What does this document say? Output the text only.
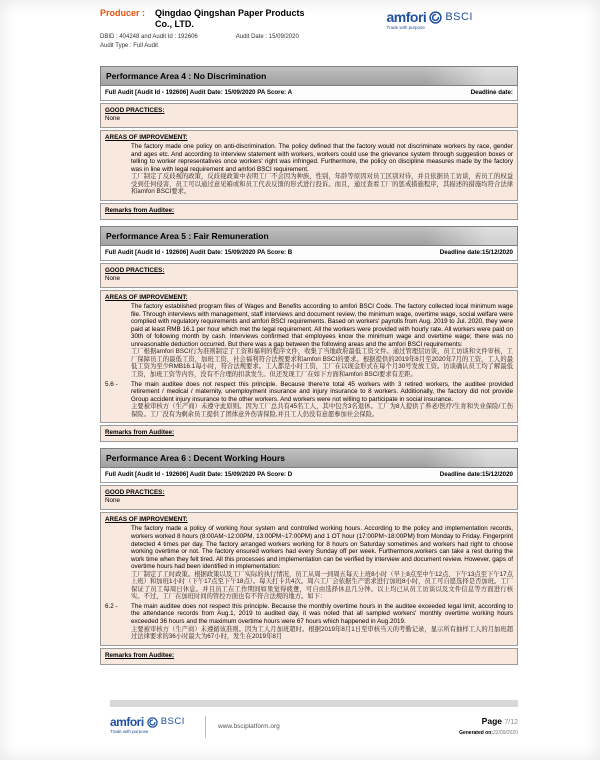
Producer : Qingdao Qingshan Paper Products
Co., LTD.
DBID : 404248 and Audit Id : 192606	Audit Date : 15/09/2020
Audit Type : Full Audit
amfori BSCI
Trade with purpose
Performance Area 4 : No Discrimination
Full Audit [Audit Id - 192606] Audit Date: 15/09/2020 PA Score: A	Deadline date:
GOOD PRACTICES:
None
AREAS OF IMPROVEMENT:
The factory made one policy on anti-discrimination. The policy defined that the factory would not discriminate workers by race, gender and ages etc. And according to interview statement with workers, workers could use the grievance system through suggestion boxes or telling to worker representatives once workers' right was infringed. Furthermore, the policy on discipline measures made by the factory was in line with legal requirement and amfori BSCI requirement.
工厂制定了反歧视的政策，反歧视政策中表明工厂不会因为种族，性别，年龄等原因对员工区别对待，并且依据员工访谈，若员工的权益受到任何侵害，员工可以通过意见箱或和员工代表反馈的形式进行投诉。而且，通过查看工厂的惩戒措施程序，其描述的措施均符合法律和amfori BSCI要求。
Remarks from Auditee:
Performance Area 5 : Fair Remuneration
Full Audit [Audit Id - 192606] Audit Date: 15/09/2020 PA Score: B	Deadline date:15/12/2020
GOOD PRACTICES:
None
AREAS OF IMPROVEMENT:
The factory established program files of Wages and Benefits according to amfori BSCI Code. The factory collected local minimum wage file. Through interviews with management, staff interviews and document review, the minimum wage, overtime wage, social welfare were complied with regulatory requirements and amfori BSCI requirements. Based on workers' payrolls from Aug. 2019 to Jul. 2020, they were paid at least RMB 16.1 per hour which met the legal requirement. All the workers were provided with hourly rate. All workers were paid on 30th of following month by cash. Interviews confirmed that employees know the minimum wage and overtime wage; there was no unreasonable deduction occurred. But there was a gap between the following areas and the amfori BSCI requirements:
工厂根据amfori BSCI行为准则制定了工资和福利的程序文件，收集了当地政府最低工资文件。通过管理层访谈，员工访谈和文件审核，工厂保障员工的最低工资，加班工资，社会福利符合法规要求和amfori BSCI的要求。根据提供的2019年8月至2020年7月的工资，工人的最低工资为至少RMB16.1每小时，符合法规要求。工人都是小时工资，工厂在以现金形式在每个月30号发放工资。访谈确认员工均了解最低工资，加班工资等内容，没有不合理的扣款发生。但还发现工厂在如下方面和amfori BSCI要求有差距。
5.6 -	The main auditee does not respect this principle. Because there're total 45 workers with 3 retired workers, the auditee provided retirement / medical / maternity, unemployment insurance and injury insurance to 8 workers. Additionally, the factory did not provide Group accident injury insurance to the other workers. And workers were not willing to participate in social insurance.
主要被审核方（生产商）未遵守此原则。因为工厂总共有45名工人，其中包含3名退休。工厂为8人提供了养老/医疗/生育和失业保险/工伤保险。工厂没有为剩余员工提供了团体意外伤害保险,并且工人仍没有意愿参加社会保险。
Remarks from Auditee:
Performance Area 6 : Decent Working Hours
Full Audit [Audit Id - 192606] Audit Date: 15/09/2020 PA Score: D	Deadline date:15/12/2020
GOOD PRACTICES:
None
AREAS OF IMPROVEMENT:
The factory made a policy of working hour system and controlled working hours. According to the policy and implementation records, workers worked 8 hours (8:00AM~12:00PM, 13:00PM~17:00PM) and 1 OT hour (17:00PM~18:00PM) from Monday to Friday. Fingerprint detected 4 times per day. The factory arranged workers working for 8 hours on Saturday sometimes and workers had right to choose working overtime or not. The factory ensured workers had every Sunday off per week. Furthermore,workers can take a rest during the work time when they felt tired. All this processes and implementation can be verified by interview and document review. However, gaps of overtime hours had been identified in implementation:
工厂制定了工时政策。根据政策以及工厂实际的执行情况，员工从周一到周五每天上班8小时（早上8点至中午12点，下午13点至下午17点上班）和加班1小时（下午17点至下午18点）。每天打卡共4次。周六工厂会依据生产需求进行加班8小时，员工可自愿选择是否加班。工厂保证了员工每周日休息。并且员工在工作期间如果觉得疲惫，可自由选择休息几分钟。以上均已从员工访谈以及文件信息等方面进行核实。不过，工厂在加班时间的管控方面也有不符合法规的地方。如下：
6.2 -	The main auditee does not respect this principle. Because the monthly overtime hours in the auditee exceeded legal limit, according to the attendance records from Aug.1, 2019 to audited day, it was noted that all sampled workers' monthly overtime working hours exceeded 36 hours and the maximum overtime hours were 67 hours which happened in Aug.2019.
主要被审核方（生产商）未遵循该准则。因为工人月加班超时。根据2019年8月1日至审核当天的考勤记录，显示所有抽样工人的月加班超过法律要求的36小时最大为67小时，发生在2019年8月
Remarks from Auditee:
amfori BSCI
Trade with purpose
www.bsciplatform.org
Page 7/12
Generated on:22/09/2020
